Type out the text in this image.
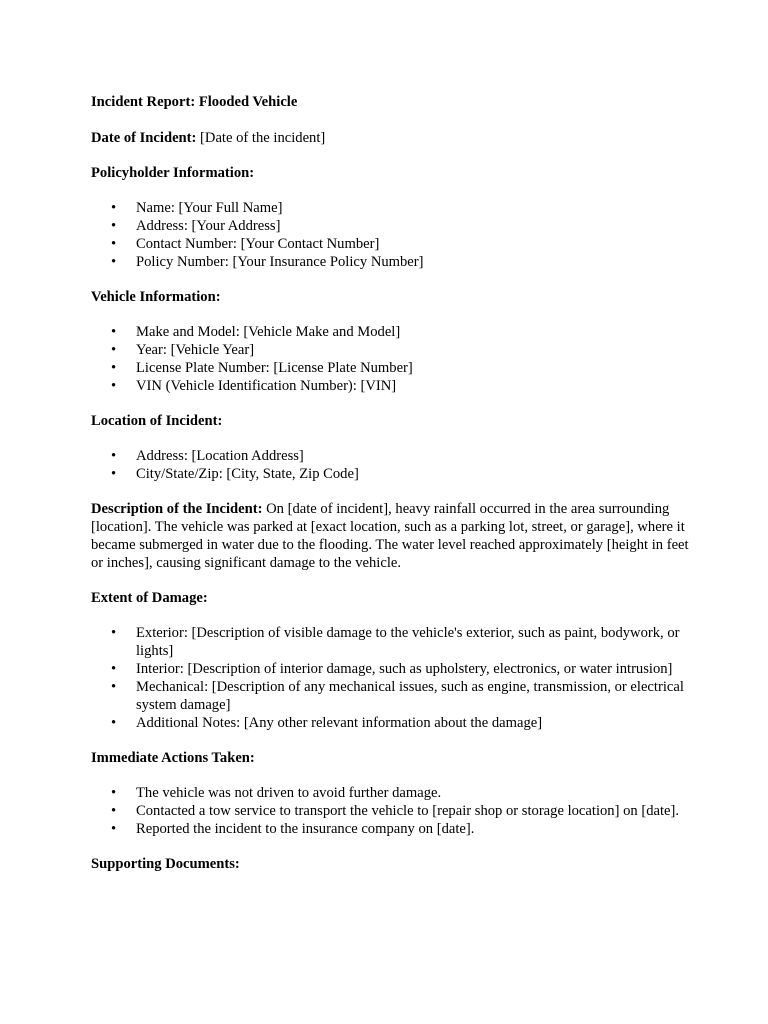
Incident Report: Flooded Vehicle

Date of Incident: [Date of the incident]

Policyholder Information:

• Name: [Your Full Name]
• Address: [Your Address]
• Contact Number: [Your Contact Number]
• Policy Number: [Your Insurance Policy Number]

Vehicle Information:

• Make and Model: [Vehicle Make and Model]
• Year: [Vehicle Year]
• License Plate Number: [License Plate Number]
• VIN (Vehicle Identification Number): [VIN]

Location of Incident:

• Address: [Location Address]
• City/State/Zip: [City, State, Zip Code]

Description of the Incident: On [date of incident], heavy rainfall occurred in the area surrounding [location]. The vehicle was parked at [exact location, such as a parking lot, street, or garage], where it became submerged in water due to the flooding. The water level reached approximately [height in feet or inches], causing significant damage to the vehicle.

Extent of Damage:

• Exterior: [Description of visible damage to the vehicle's exterior, such as paint, bodywork, or lights]
• Interior: [Description of interior damage, such as upholstery, electronics, or water intrusion]
• Mechanical: [Description of any mechanical issues, such as engine, transmission, or electrical system damage]
• Additional Notes: [Any other relevant information about the damage]

Immediate Actions Taken:

• The vehicle was not driven to avoid further damage.
• Contacted a tow service to transport the vehicle to [repair shop or storage location] on [date].
• Reported the incident to the insurance company on [date].

Supporting Documents:
